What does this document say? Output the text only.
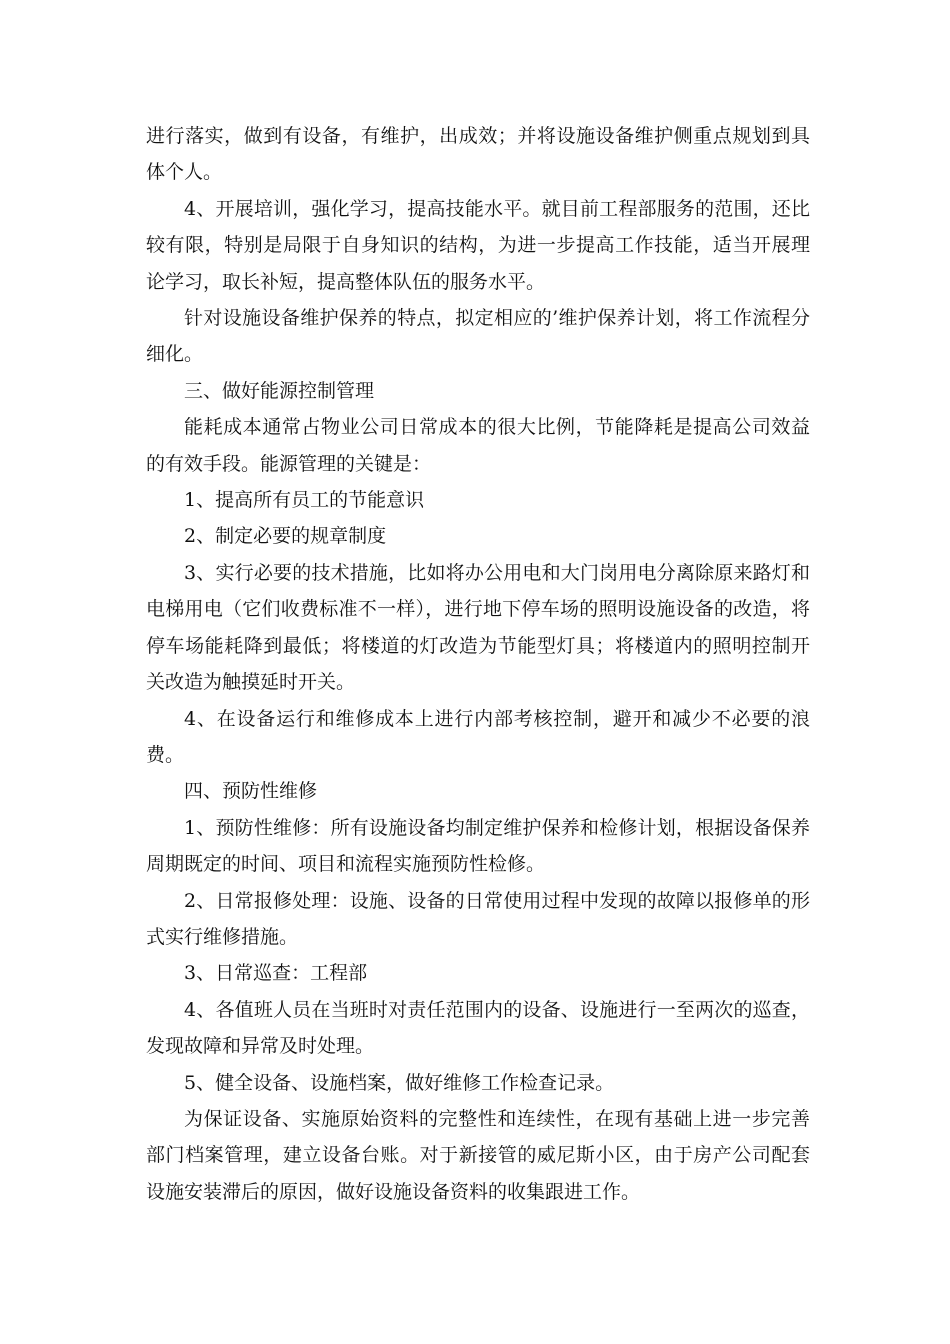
进行落实，做到有设备，有维护，出成效；并将设施设备维护侧重点规划到具体个人。

4、开展培训，强化学习，提高技能水平。就目前工程部服务的范围，还比较有限，特别是局限于自身知识的结构，为进一步提高工作技能，适当开展理论学习，取长补短，提高整体队伍的服务水平。

针对设施设备维护保养的特点，拟定相应的’维护保养计划，将工作流程分细化。

三、做好能源控制管理

能耗成本通常占物业公司日常成本的很大比例，节能降耗是提高公司效益的有效手段。能源管理的关键是：

1、提高所有员工的节能意识

2、制定必要的规章制度

3、实行必要的技术措施，比如将办公用电和大门岗用电分离除原来路灯和电梯用电（它们收费标准不一样），进行地下停车场的照明设施设备的改造，将停车场能耗降到最低；将楼道的灯改造为节能型灯具；将楼道内的照明控制开关改造为触摸延时开关。

4、在设备运行和维修成本上进行内部考核控制，避开和减少不必要的浪费。

四、预防性维修

1、预防性维修：所有设施设备均制定维护保养和检修计划，根据设备保养周期既定的时间、项目和流程实施预防性检修。

2、日常报修处理：设施、设备的日常使用过程中发现的故障以报修单的形式实行维修措施。

3、日常巡查：工程部

4、各值班人员在当班时对责任范围内的设备、设施进行一至两次的巡查，发现故障和异常及时处理。

5、健全设备、设施档案，做好维修工作检查记录。

为保证设备、实施原始资料的完整性和连续性，在现有基础上进一步完善部门档案管理，建立设备台账。对于新接管的威尼斯小区，由于房产公司配套设施安装滞后的原因，做好设施设备资料的收集跟进工作。
